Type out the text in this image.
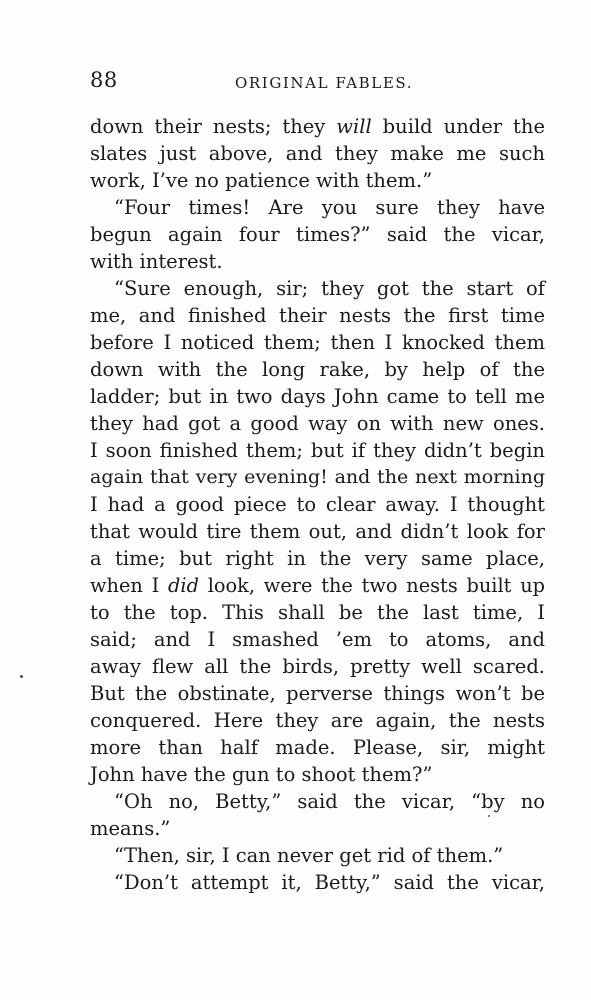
88	ORIGINAL FABLES.
down their nests; they will build under the
slates just above, and they make me such
work, I’ve no patience with them.”
“Four times! Are you sure they have
begun again four times?” said the vicar,
with interest.
“Sure enough, sir; they got the start of
me, and finished their nests the first time
before I noticed them; then I knocked them
down with the long rake, by help of the
ladder; but in two days John came to tell me
they had got a good way on with new ones.
I soon finished them; but if they didn’t begin
again that very evening! and the next morning
I had a good piece to clear away. I thought
that would tire them out, and didn’t look for
a time; but right in the very same place,
when I did look, were the two nests built up
to the top. This shall be the last time, I
said; and I smashed ’em to atoms, and
away flew all the birds, pretty well scared.
But the obstinate, perverse things won’t be
conquered. Here they are again, the nests
more than half made. Please, sir, might
John have the gun to shoot them?”
“Oh no, Betty,” said the vicar, “by no
means.”
“Then, sir, I can never get rid of them.”
“Don’t attempt it, Betty,” said the vicar,
